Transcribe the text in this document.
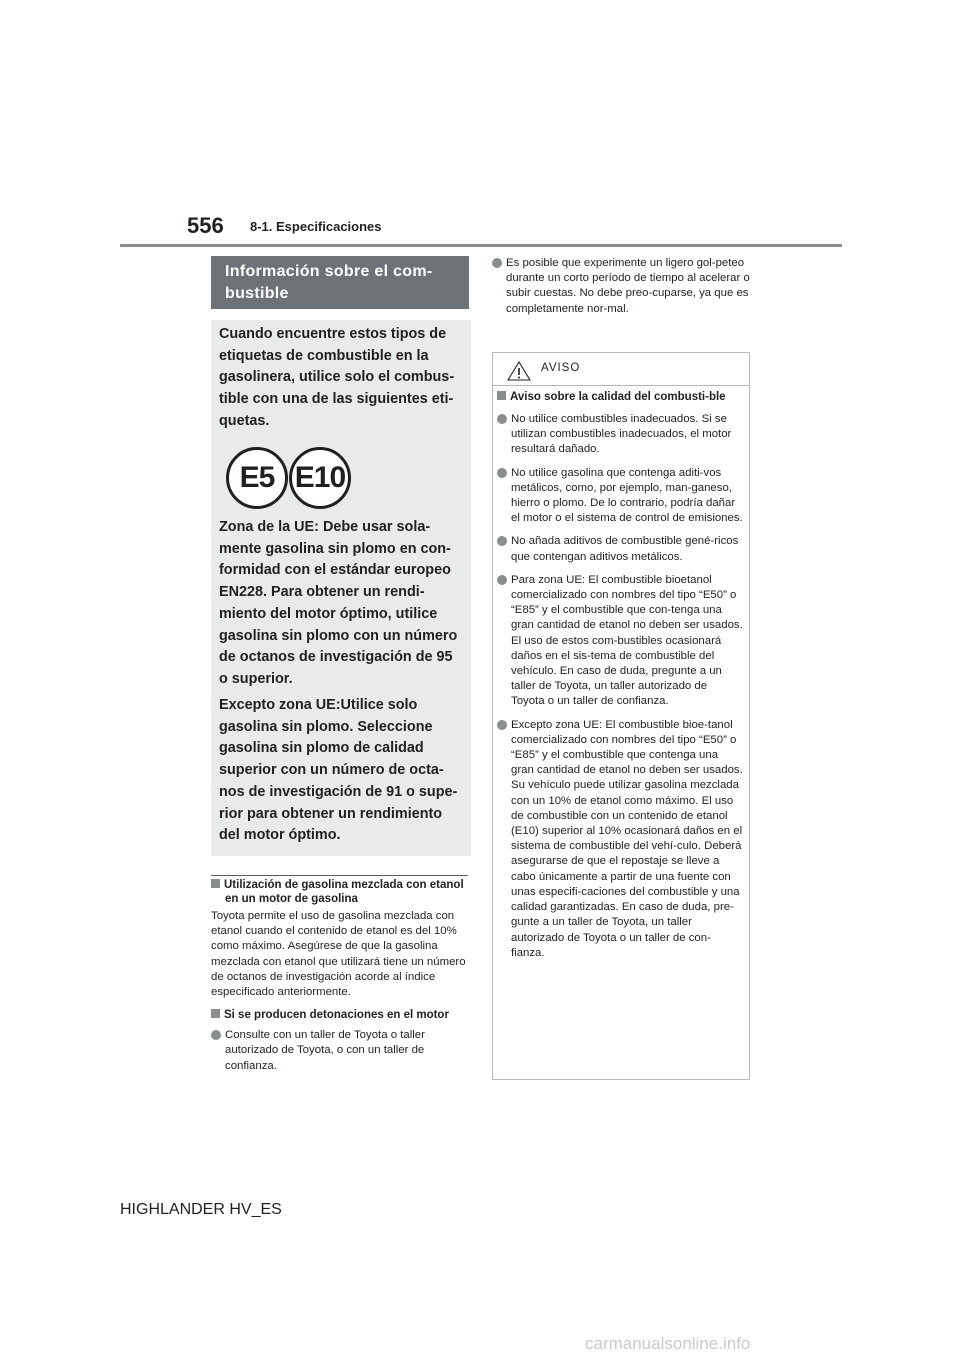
556 8-1. Especificaciones
Información sobre el com-bustible
Cuando encuentre estos tipos de etiquetas de combustible en la gasolinera, utilice solo el combus-tible con una de las siguientes eti-quetas.
E5 E10
Zona de la UE: Debe usar sola-mente gasolina sin plomo en con-formidad con el estándar europeo EN228. Para obtener un rendi-miento del motor óptimo, utilice gasolina sin plomo con un número de octanos de investigación de 95 o superior.
Excepto zona UE:Utilice solo gasolina sin plomo. Seleccione gasolina sin plomo de calidad superior con un número de octa-nos de investigación de 91 o supe-rior para obtener un rendimiento del motor óptimo.
Utilización de gasolina mezclada con etanol en un motor de gasolina
Toyota permite el uso de gasolina mezclada con etanol cuando el contenido de etanol es del 10% como máximo. Asegúrese de que la gasolina mezclada con etanol que utilizará tiene un número de octanos de investigación acorde al índice especificado anteriormente.
Si se producen detonaciones en el motor
Consulte con un taller de Toyota o taller autorizado de Toyota, o con un taller de confianza.
Es posible que experimente un ligero gol-peteo durante un corto período de tiempo al acelerar o subir cuestas. No debe preo-cuparse, ya que es completamente nor-mal.
AVISO
Aviso sobre la calidad del combusti-ble
No utilice combustibles inadecuados. Si se utilizan combustibles inadecuados, el motor resultará dañado.
No utilice gasolina que contenga aditi-vos metálicos, como, por ejemplo, man-ganeso, hierro o plomo. De lo contrario, podría dañar el motor o el sistema de control de emisiones.
No añada aditivos de combustible gené-ricos que contengan aditivos metálicos.
Para zona UE: El combustible bioetanol comercializado con nombres del tipo “E50” o “E85” y el combustible que con-tenga una gran cantidad de etanol no deben ser usados. El uso de estos com-bustibles ocasionará daños en el sis-tema de combustible del vehículo. En caso de duda, pregunte a un taller de Toyota, un taller autorizado de Toyota o un taller de confianza.
Excepto zona UE: El combustible bioe-tanol comercializado con nombres del tipo “E50” o “E85” y el combustible que contenga una gran cantidad de etanol no deben ser usados. Su vehículo puede utilizar gasolina mezclada con un 10% de etanol como máximo. El uso de combustible con un contenido de etanol (E10) superior al 10% ocasionará daños en el sistema de combustible del vehí-culo. Deberá asegurarse de que el repostaje se lleve a cabo únicamente a partir de una fuente con unas especifi-caciones del combustible y una calidad garantizadas. En caso de duda, pre-gunte a un taller de Toyota, un taller autorizado de Toyota o un taller de con-fianza.
HIGHLANDER HV_ES
carmanualsonline.info
